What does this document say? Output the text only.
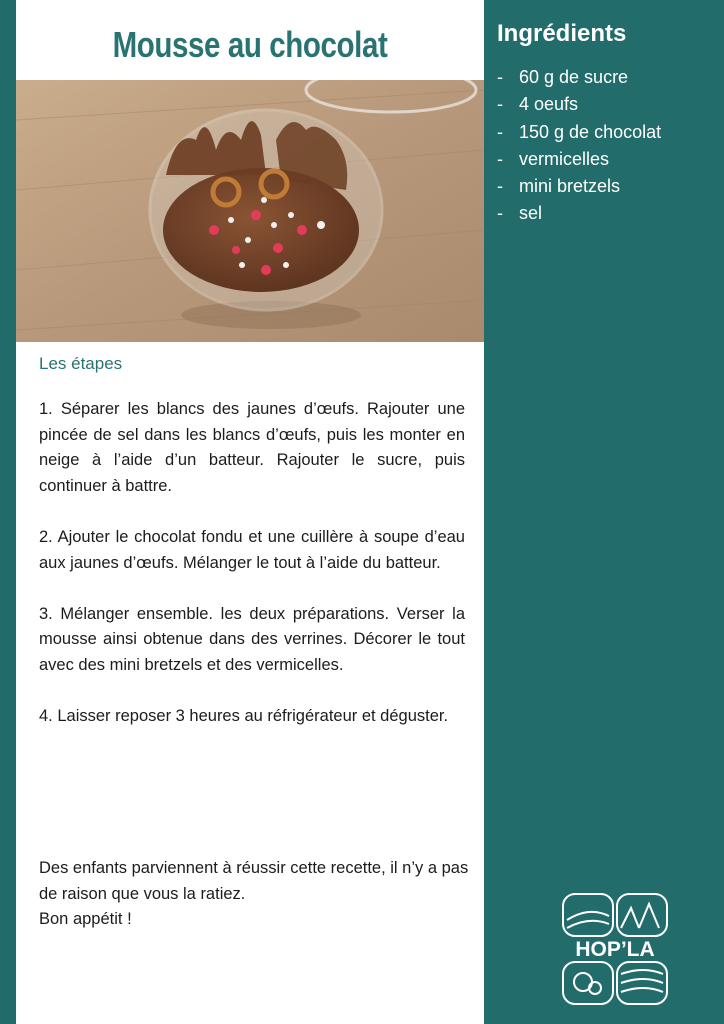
Mousse au chocolat
Les étapes

1. Séparer les blancs des jaunes d’œufs. Rajouter une pincée de sel dans les blancs d’œufs, puis les monter en neige à l’aide d’un batteur. Rajouter le sucre, puis continuer à battre.

2. Ajouter le chocolat fondu et une cuillère à soupe d’eau aux jaunes d’œufs. Mélanger le tout à l’aide du batteur.

3. Mélanger ensemble. les deux préparations. Verser la mousse ainsi obtenue dans des verrines. Décorer le tout avec des mini bretzels et des vermicelles.

4. Laisser reposer 3 heures au réfrigérateur et déguster.

Des enfants parviennent à réussir cette recette, il n’y a pas de raison que vous la ratiez.

Bon appétit !

Ingrédients
- 60 g de sucre
- 4 oeufs
- 150 g de chocolat
- vermicelles
- mini bretzels
- sel
HOP’LA
